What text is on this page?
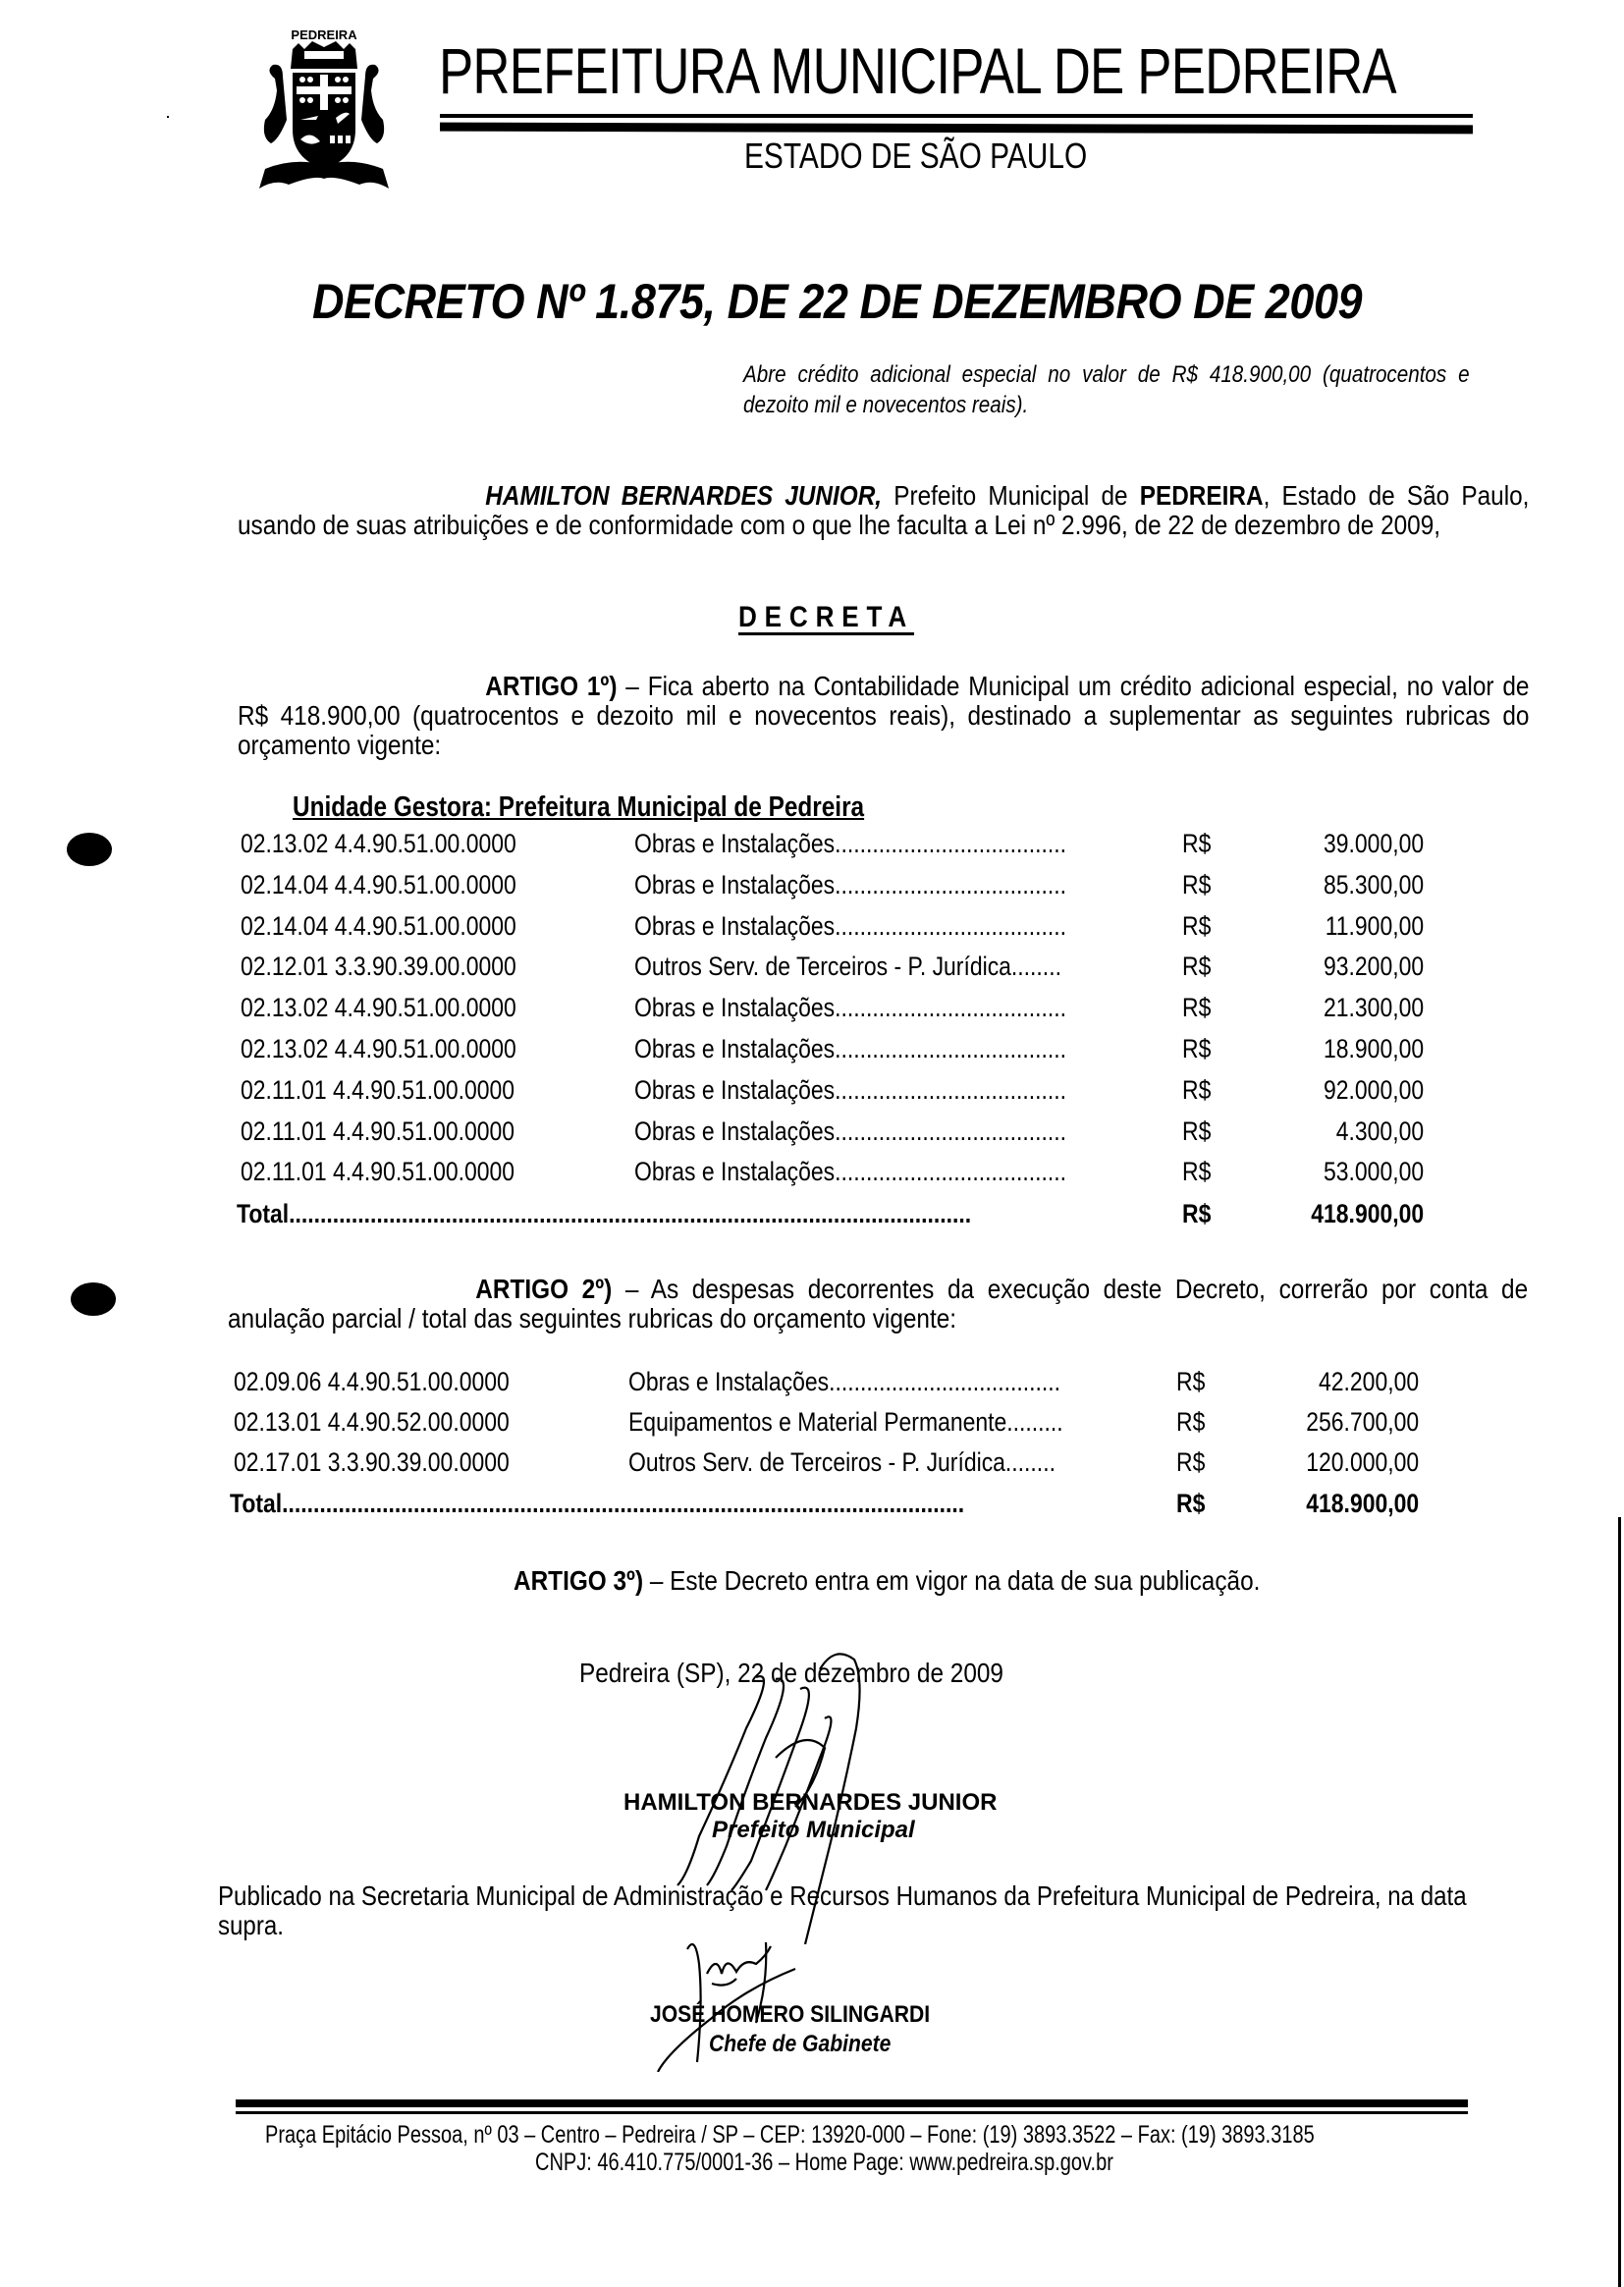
PEDREIRA PREFEITURA MUNICIPAL DE PEDREIRA
ESTADO DE SÃO PAULO
DECRETO Nº 1.875, DE 22 DE DEZEMBRO DE 2009
Abre crédito adicional especial no valor de R$ 418.900,00 (quatrocentos e dezoito mil e novecentos reais).
HAMILTON BERNARDES JUNIOR, Prefeito Municipal de PEDREIRA, Estado de São Paulo, usando de suas atribuições e de conformidade com o que lhe faculta a Lei nº 2.996, de 22 de dezembro de 2009,
DECRETA
ARTIGO 1º) – Fica aberto na Contabilidade Municipal um crédito adicional especial, no valor de R$ 418.900,00 (quatrocentos e dezoito mil e novecentos reais), destinado a suplementar as seguintes rubricas do orçamento vigente:
Unidade Gestora: Prefeitura Municipal de Pedreira
02.13.02 4.4.90.51.00.0000	Obras e Instalações.....................................	R$	39.000,00
02.14.04 4.4.90.51.00.0000	Obras e Instalações.....................................	R$	85.300,00
02.14.04 4.4.90.51.00.0000	Obras e Instalações.....................................	R$	11.900,00
02.12.01 3.3.90.39.00.0000	Outros Serv. de Terceiros - P. Jurídica........	R$	93.200,00
02.13.02 4.4.90.51.00.0000	Obras e Instalações.....................................	R$	21.300,00
02.13.02 4.4.90.51.00.0000	Obras e Instalações.....................................	R$	18.900,00
02.11.01 4.4.90.51.00.0000	Obras e Instalações.....................................	R$	92.000,00
02.11.01 4.4.90.51.00.0000	Obras e Instalações.....................................	R$	4.300,00
02.11.01 4.4.90.51.00.0000	Obras e Instalações.....................................	R$	53.000,00
Total.............................................................................................................	R$	418.900,00
02.09.06 4.4.90.51.00.0000	Obras e Instalações.....................................	R$	42.200,00
02.13.01 4.4.90.52.00.0000	Equipamentos e Material Permanente.........	R$	256.700,00
02.17.01 3.3.90.39.00.0000	Outros Serv. de Terceiros - P. Jurídica........	R$	120.000,00
Total.............................................................................................................	R$	418.900,00
ARTIGO 2º) – As despesas decorrentes da execução deste Decreto, correrão por conta de anulação parcial / total das seguintes rubricas do orçamento vigente:
ARTIGO 3º) – Este Decreto entra em vigor na data de sua publicação.
Pedreira (SP), 22 de dezembro de 2009
HAMILTON BERNARDES JUNIOR
Prefeito Municipal
Publicado na Secretaria Municipal de Administração e Recursos Humanos da Prefeitura Municipal de Pedreira, na data supra.
JOSÉ HOMERO SILINGARDI
Chefe de Gabinete
Praça Epitácio Pessoa, nº 03 – Centro – Pedreira / SP – CEP: 13920-000 – Fone: (19) 3893.3522 – Fax: (19) 3893.3185
CNPJ: 46.410.775/0001-36 – Home Page: www.pedreira.sp.gov.br
